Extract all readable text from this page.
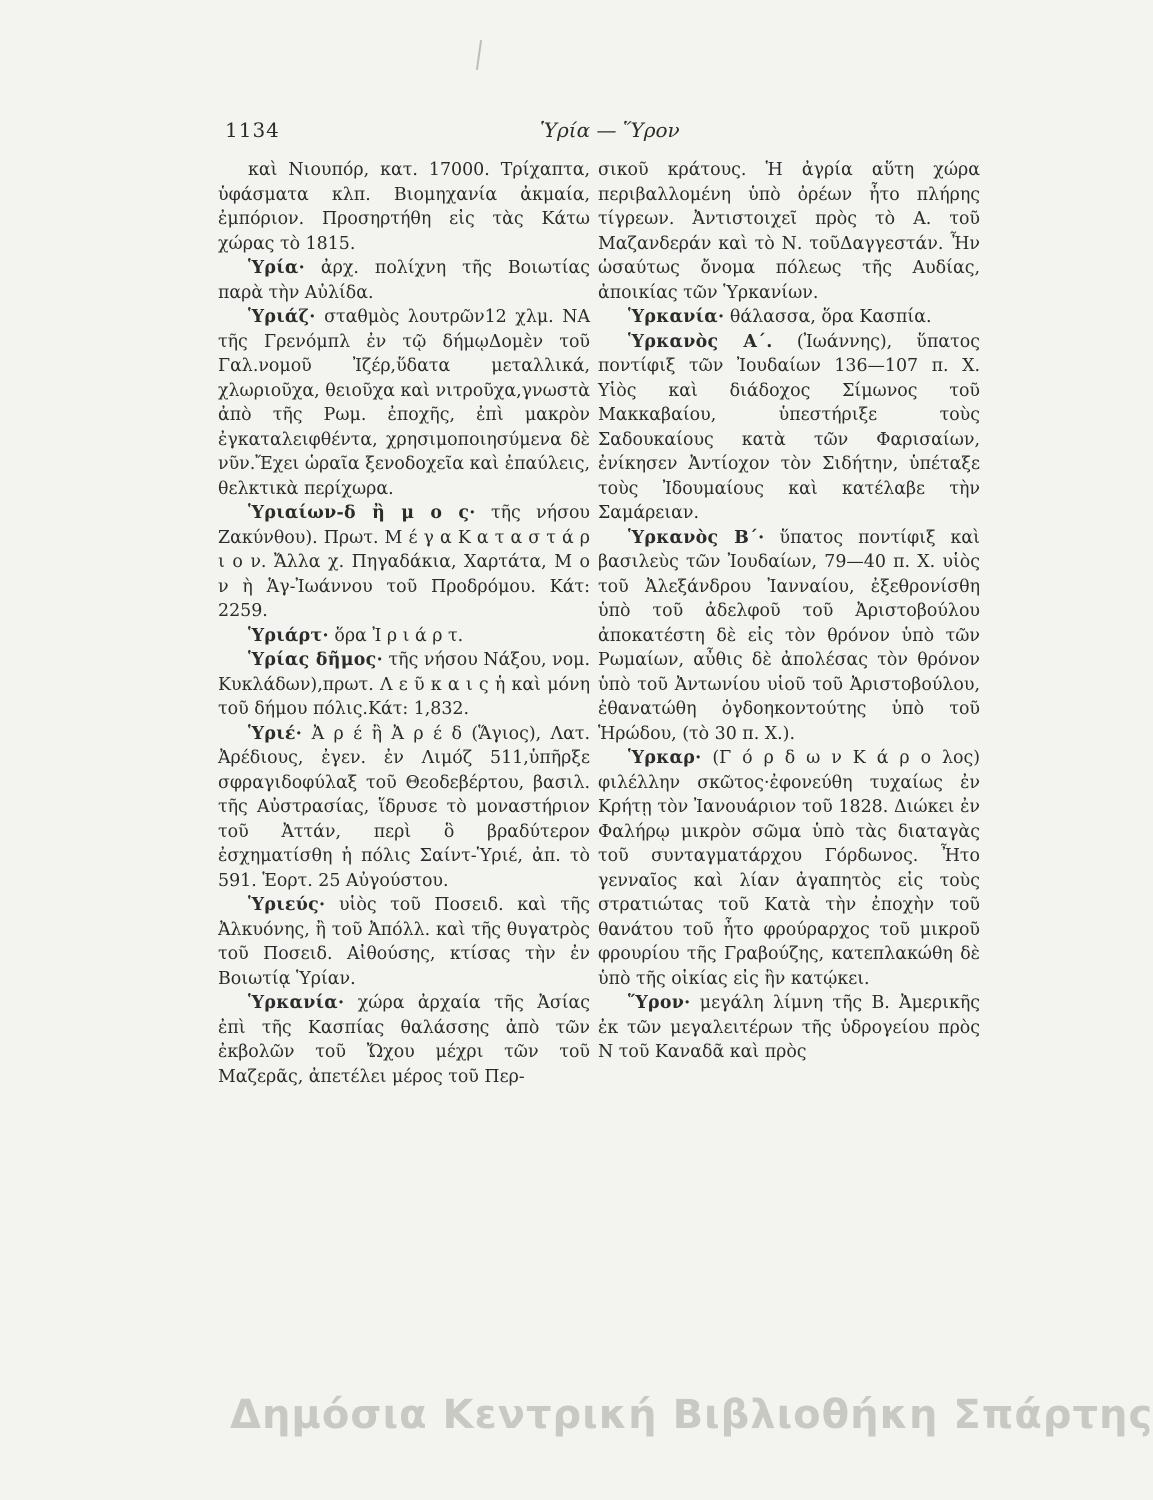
1134	Ὑρία — Ὕρον

καὶ Νιουπόρ, κατ. 17000. Τρίχαπτα, ὑφάσματα κλπ. Βιομηχανία ἀκμαία, ἐμπόριον. Προσηρτήθη εἰς τὰς Κάτω χώρας τὸ 1815.

Ὑρία· ἀρχ. πολίχνη τῆς Βοιωτίας παρὰ τὴν Αὐλίδα.

Ὑριάζ· σταθμὸς λουτρῶν12 χλμ. ΝΑ τῆς Γρενόμπλ ἐν τῷ δήμῳΔομὲν τοῦ Γαλ.νομοῦ Ἰζέρ,ὕδατα μεταλλικά, χλωριοῦχα, θειοῦχα καὶ νιτροῦχα,γνωστὰ ἀπὸ τῆς Ρωμ. ἐποχῆς, ἐπὶ μακρὸν ἐγκαταλειφθέντα, χρησιμοποιησύμενα δὲ νῦν.Ἔχει ὡραῖα ξενοδοχεῖα καὶ ἐπαύλεις, θελκτικὰ περίχωρα.

Ὑριαίων-δ ἢ μ ο ς· τῆς νήσου Ζακύνθου). Πρωτ. Μ έ γ α Κ α τ α σ τ ά ρ ι ο ν. Ἄλλα χ. Πηγαδάκια, Χαρτάτα, Μ ο ν ὴ Ἁγ-Ἰωάννου τοῦ Προδρόμου. Κάτ: 2259.

Ὑριάρτ· ὅρα Ἰ ρ ι ά ρ τ.

Ὑρίας δῆμος· τῆς νήσου Νάξου, νομ. Κυκλάδων),πρωτ. Λ ε ῦ κ α ι ς ἡ καὶ μόνη τοῦ δήμου πόλις.Κάτ: 1,832.

Ὑριέ· Ἀ ρ έ ἢ Ἀ ρ έ δ (Ἅγιος), Λατ. Ἀρέδιους, ἐγεν. ἐν Λιμόζ 511,ὑπῆρξε σφραγιδοφύλαξ τοῦ Θεοδεβέρτου, βασιλ. τῆς Αὐστρασίας, ἵδρυσε τὸ μοναστήριον τοῦ Ἀττάν, περὶ ὃ βραδύτερον ἐσχηματίσθη ἡ πόλις Σαίντ-Ὑριέ, ἀπ. τὸ 591. Ἑορτ. 25 Αὐγούστου.

Ὑριεύς· υἱὸς τοῦ Ποσειδ. καὶ τῆς Ἀλκυόνης, ἢ τοῦ Ἀπόλλ. καὶ τῆς θυγατρὸς τοῦ Ποσειδ. Αἰθούσης, κτίσας τὴν ἐν Βοιωτίᾳ Ὑρίαν.

Ὑρκανία· χώρα ἀρχαία τῆς Ἀσίας ἐπὶ τῆς Κασπίας θαλάσσης ἀπὸ τῶν ἐκβολῶν τοῦ Ὤχου μέχρι τῶν τοῦ Μαζερᾶς, ἀπετέλει μέρος τοῦ Περ-

σικοῦ κράτους. Ἡ ἀγρία αὕτη χώρα περιβαλλομένη ὑπὸ ὀρέων ἦτο πλήρης τίγρεων. Ἀντιστοιχεῖ πρὸς τὸ Α. τοῦ Μαζανδεράν καὶ τὸ Ν. τοῦΔαγγεστάν. Ἦν ὡσαύτως ὄνομα πόλεως τῆς Αυδίας, ἀποικίας τῶν Ὑρκανίων.

Ὑρκανία· θάλασσα, ὅρα Κασπία.

Ὑρκανὸς Α΄. (Ἰωάννης), ὕπατος ποντίφιξ τῶν Ἰουδαίων 136—107 π. Χ. Υἱὸς καὶ διάδοχος Σίμωνος τοῦ Μακκαβαίου, ὑπεστήριξε τοὺς Σαδουκαίους κατὰ τῶν Φαρισαίων, ἐνίκησεν Ἀντίοχον τὸν Σιδήτην, ὑπέταξε τοὺς Ἰδουμαίους καὶ κατέλαβε τὴν Σαμάρειαν.

Ὑρκανὸς Β΄· ὕπατος ποντίφιξ καὶ βασιλεὺς τῶν Ἰουδαίων, 79—40 π. Χ. υἱὸς τοῦ Ἀλεξάνδρου Ἰανναίου, ἐξεθρονίσθη ὑπὸ τοῦ ἀδελφοῦ τοῦ Ἀριστοβούλου ἀποκατέστη δὲ εἰς τὸν θρόνον ὑπὸ τῶν Ρωμαίων, αὖθις δὲ ἀπολέσας τὸν θρόνον ὑπὸ τοῦ Ἀντωνίου υἱοῦ τοῦ Ἀριστοβούλου, ἐθανατώθη ὀγδοηκοντούτης ὑπὸ τοῦ Ἡρώδου, (τὸ 30 π. Χ.).

Ὑρκαρ· (Γ ό ρ δ ω ν Κ ά ρ ο λος) φιλέλλην σκῶτος·ἐφονεύθη τυχαίως ἐν Κρήτῃ τὸν Ἰανουάριον τοῦ 1828. Διώκει ἐν Φαλήρῳ μικρὸν σῶμα ὑπὸ τὰς διαταγὰς τοῦ συνταγματάρχου Γόρδωνος. Ἦτο γενναῖος καὶ λίαν ἀγαπητὸς εἰς τοὺς στρατιώτας τοῦ Κατὰ τὴν ἐποχὴν τοῦ θανάτου τοῦ ἦτο φρούραρχος τοῦ μικροῦ φρουρίου τῆς Γραβούζης, κατεπλακώθη δὲ ὑπὸ τῆς οἰκίας εἰς ἣν κατῴκει.

Ὕρον· μεγάλη λίμνη τῆς Β. Ἀμερικῆς ἐκ τῶν μεγαλειτέρων τῆς ὑδρογείου πρὸς Ν τοῦ Καναδᾶ καὶ πρὸς

Δημόσια Κεντρική Βιβλιοθήκη Σπάρτης
